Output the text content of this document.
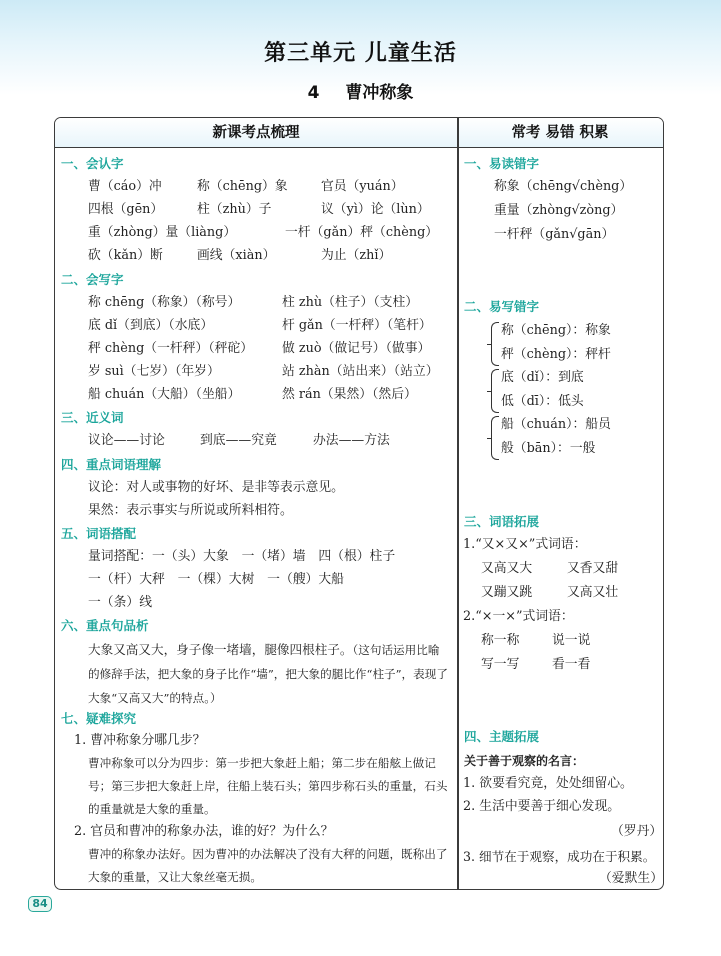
第三单元 儿童生活
4 曹冲称象
新课考点梳理	常考 易错 积累
一、会认字
曹（cáo）冲	称（chēng）象	官员（yuán）
四根（gēn）	柱（zhù）子	议（yì）论（lùn）
重（zhòng）量（liàng）	一杆（gǎn）秤（chèng）
砍（kǎn）断	画线（xiàn）	为止（zhǐ）
二、会写字
称 chēng（称象）（称号）	柱 zhù（柱子）（支柱）
底 dǐ（到底）（水底）	杆 gǎn（一杆秤）（笔杆）
秤 chèng（一杆秤）（秤砣） 做 zuò（做记号）（做事）
岁 suì（七岁）（年岁）	站 zhàn（站出来）（站立）
船 chuán（大船）（坐船）	然 rán（果然）（然后）
三、近义词
议论——讨论	到底——究竟	办法——方法
四、重点词语理解
议论：对人或事物的好坏、是非等表示意见。
果然：表示事实与所说或所料相符。
五、词语搭配
量词搭配：一（头）大象　一（堵）墙　四（根）柱子
一（杆）大秤　一（棵）大树　一（艘）大船
一（条）线
六、重点句品析
大象又高又大，身子像一堵墙，腿像四根柱子。（这句话运用比喻的修辞手法，把大象的身子比作“墙”，把大象的腿比作“柱子”，表现了大象“又高又大”的特点。）
七、疑难探究
1. 曹冲称象分哪几步？
曹冲称象可以分为四步：第一步把大象赶上船；第二步在船舷上做记号；第三步把大象赶上岸，往船上装石头；第四步称石头的重量，石头的重量就是大象的重量。
2. 官员和曹冲的称象办法，谁的好？为什么？
曹冲的称象办法好。因为曹冲的办法解决了没有大秤的问题，既称出了大象的重量，又让大象丝毫无损。
一、易读错字
称象（chēng√chèng）
重量（zhòng√zòng）
一杆秤（gǎn√gān）
二、易写错字
称（chēng）：称象
秤（chèng）：秤杆
底（dǐ）：到底
低（dī）：低头
船（chuán）：船员
般（bān）：一般
三、词语拓展
1.“又×又×”式词语：
又高又大	又香又甜
又蹦又跳	又高又壮
2.“×一×”式词语：
称一称	说一说
写一写	看一看
四、主题拓展
关于善于观察的名言：
1. 欲要看究竟，处处细留心。
2. 生活中要善于细心发现。
（罗丹）
3. 细节在于观察，成功在于积累。
（爱默生）
84
